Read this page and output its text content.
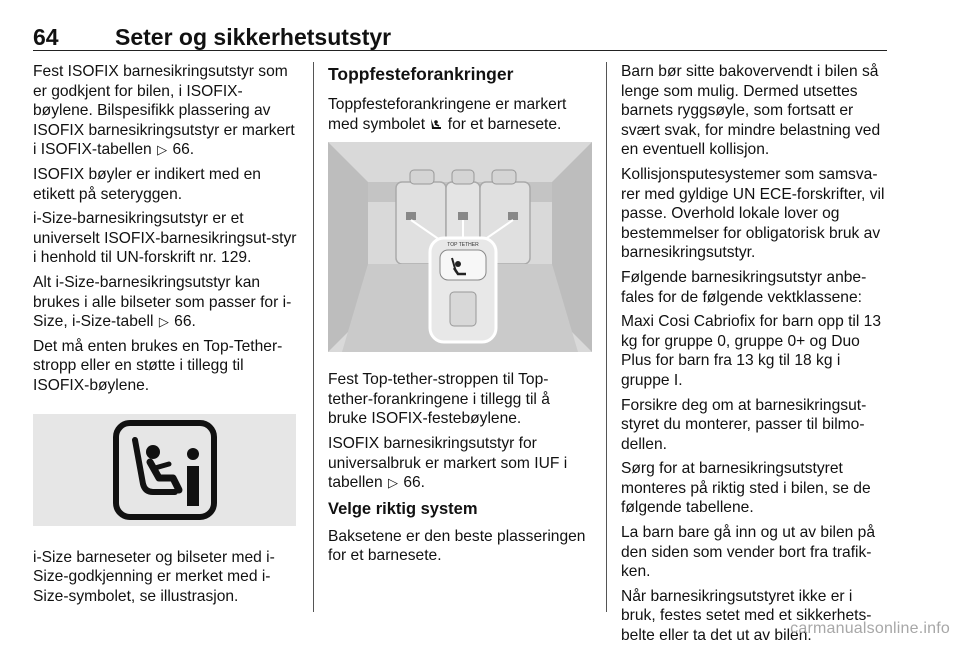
64 Seter og sikkerhetsutstyr

Fest ISOFIX barnesikringsutstyr som er godkjent for bilen, i ISOFIX-bøylene. Bilspesifikk plassering av ISOFIX barnesikringsutstyr er markert i ISOFIX-tabellen ▷ 66.

ISOFIX bøyler er indikert med en etikett på seteryggen.

i-Size-barnesikringsutstyr er et universelt ISOFIX-barnesikringsut-styr i henhold til UN-forskrift nr. 129.

Alt i-Size-barnesikringsutstyr kan brukes i alle bilseter som passer for i-Size, i-Size-tabell ▷ 66.

Det må enten brukes en Top-Tether-stropp eller en støtte i tillegg til ISOFIX-bøylene.

i-Size barneseter og bilseter med i-Size-godkjenning er merket med i-Size-symbolet, se illustrasjon.

Toppfesteforankringer

Toppfesteforankringene er markert med symbolet for et barnesete.

TOP TETHER

Fest Top-tether-stroppen til Top-tether-forankringene i tillegg til å bruke ISOFIX-festebøylene.

ISOFIX barnesikringsutstyr for universalbruk er markert som IUF i tabellen ▷ 66.

Velge riktig system

Baksetene er den beste plasseringen for et barnesete.

Barn bør sitte bakovervendt i bilen så lenge som mulig. Dermed utsettes barnets ryggsøyle, som fortsatt er svært svak, for mindre belastning ved en eventuell kollisjon.

Kollisjonsputesystemer som samsva-rer med gyldige UN ECE-forskrifter, vil passe. Overhold lokale lover og bestemmelser for obligatorisk bruk av barnesikringsutstyr.

Følgende barnesikringsutstyr anbe-fales for de følgende vektklassene:

Maxi Cosi Cabriofix for barn opp til 13 kg for gruppe 0, gruppe 0+ og Duo Plus for barn fra 13 kg til 18 kg i gruppe I.

Forsikre deg om at barnesikringsut-styret du monterer, passer til bilmo-dellen.

Sørg for at barnesikringsutstyret monteres på riktig sted i bilen, se de følgende tabellene.

La barn bare gå inn og ut av bilen på den siden som vender bort fra trafik-ken.

Når barnesikringsutstyret ikke er i bruk, festes setet med et sikkerhets-belte eller ta det ut av bilen.

carmanualsonline.info
